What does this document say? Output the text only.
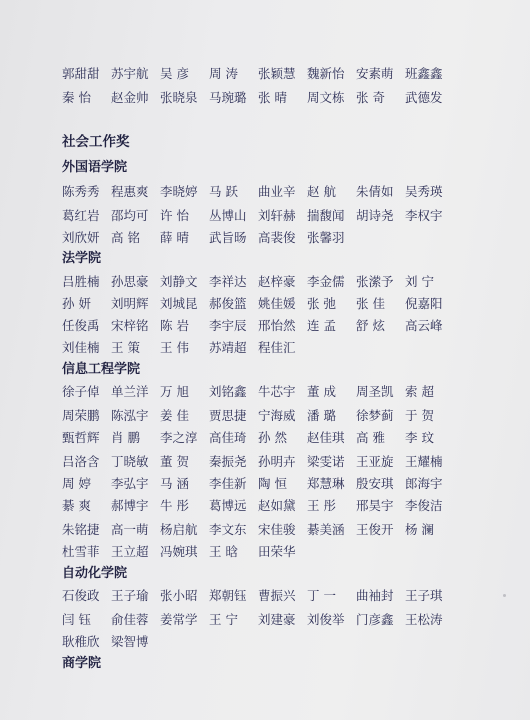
郭甜甜 苏宇航 吴 彦	周 涛	张颖慧 魏新怡 安素萌 班鑫鑫
秦 怡	赵金帅 张晓泉 马琬璐 张 晴	周文栋 张 奇	武德发
社会工作奖
外国语学院
陈秀秀 程惠爽 李晓婷 马 跃	曲业辛 赵 航	朱倩如 吴秀瑛
葛红岩 邵均可 许 怡	丛博山 刘轩赫 揣馥闻 胡诗尧 李权宇
刘欣妍 高 铭	薛 晴	武旨旸 高裴俊 张馨羽
法学院
吕胜楠 孙思豪 刘静文 李祥达 赵梓豪 李金儒 张潆予 刘 宁
孙 妍	刘明辉 刘城昆 郝俊篮 姚佳媛 张 弛	张 佳	倪嘉阳
任俊禹 宋梓铭 陈 岩	李宇辰 邢怡然 连 孟	舒 炫	高云峰
刘佳楠 王 策	王 伟	苏靖超 程佳汇
信息工程学院
徐子倬 单兰洋 万 旭	刘铭鑫 牛芯宇 董 成	周圣凯 索 超
周荣鹏 陈泓宇 姜 佳	贾思捷 宁海威 潘 璐	徐梦蓟 于 贺
甄哲辉 肖 鹏	李之淳 高佳琦 孙 然	赵佳琪 高 雅	李 玟
吕洛含 丁晓敏 董 贺	秦振尧 孙明卉 梁雯诺 王亚旋 王耀楠
周 婷	李弘宇 马 涵	李佳新 陶 恒	郑慧琳 殷安琪 郎海宇
綦 爽	郝博宇 牛 彤	葛博远 赵如黛 王 彤	邢昊宇 李俊洁
朱铭捷 高一萌 杨启航 李文东 宋佳骏 綦美涵 王俊开 杨 澜
杜雪菲 王立超 冯婉琪 王 晗	田荣华
自动化学院
石俊政 王子瑜 张小昭 郑朝钰 曹振兴 丁 一	曲袖封 王子琪
闫 钰	俞佳蓉 姜常学 王 宁	刘建豪 刘俊举 门彦鑫 王松涛
耿稚欣 梁智博
商学院
